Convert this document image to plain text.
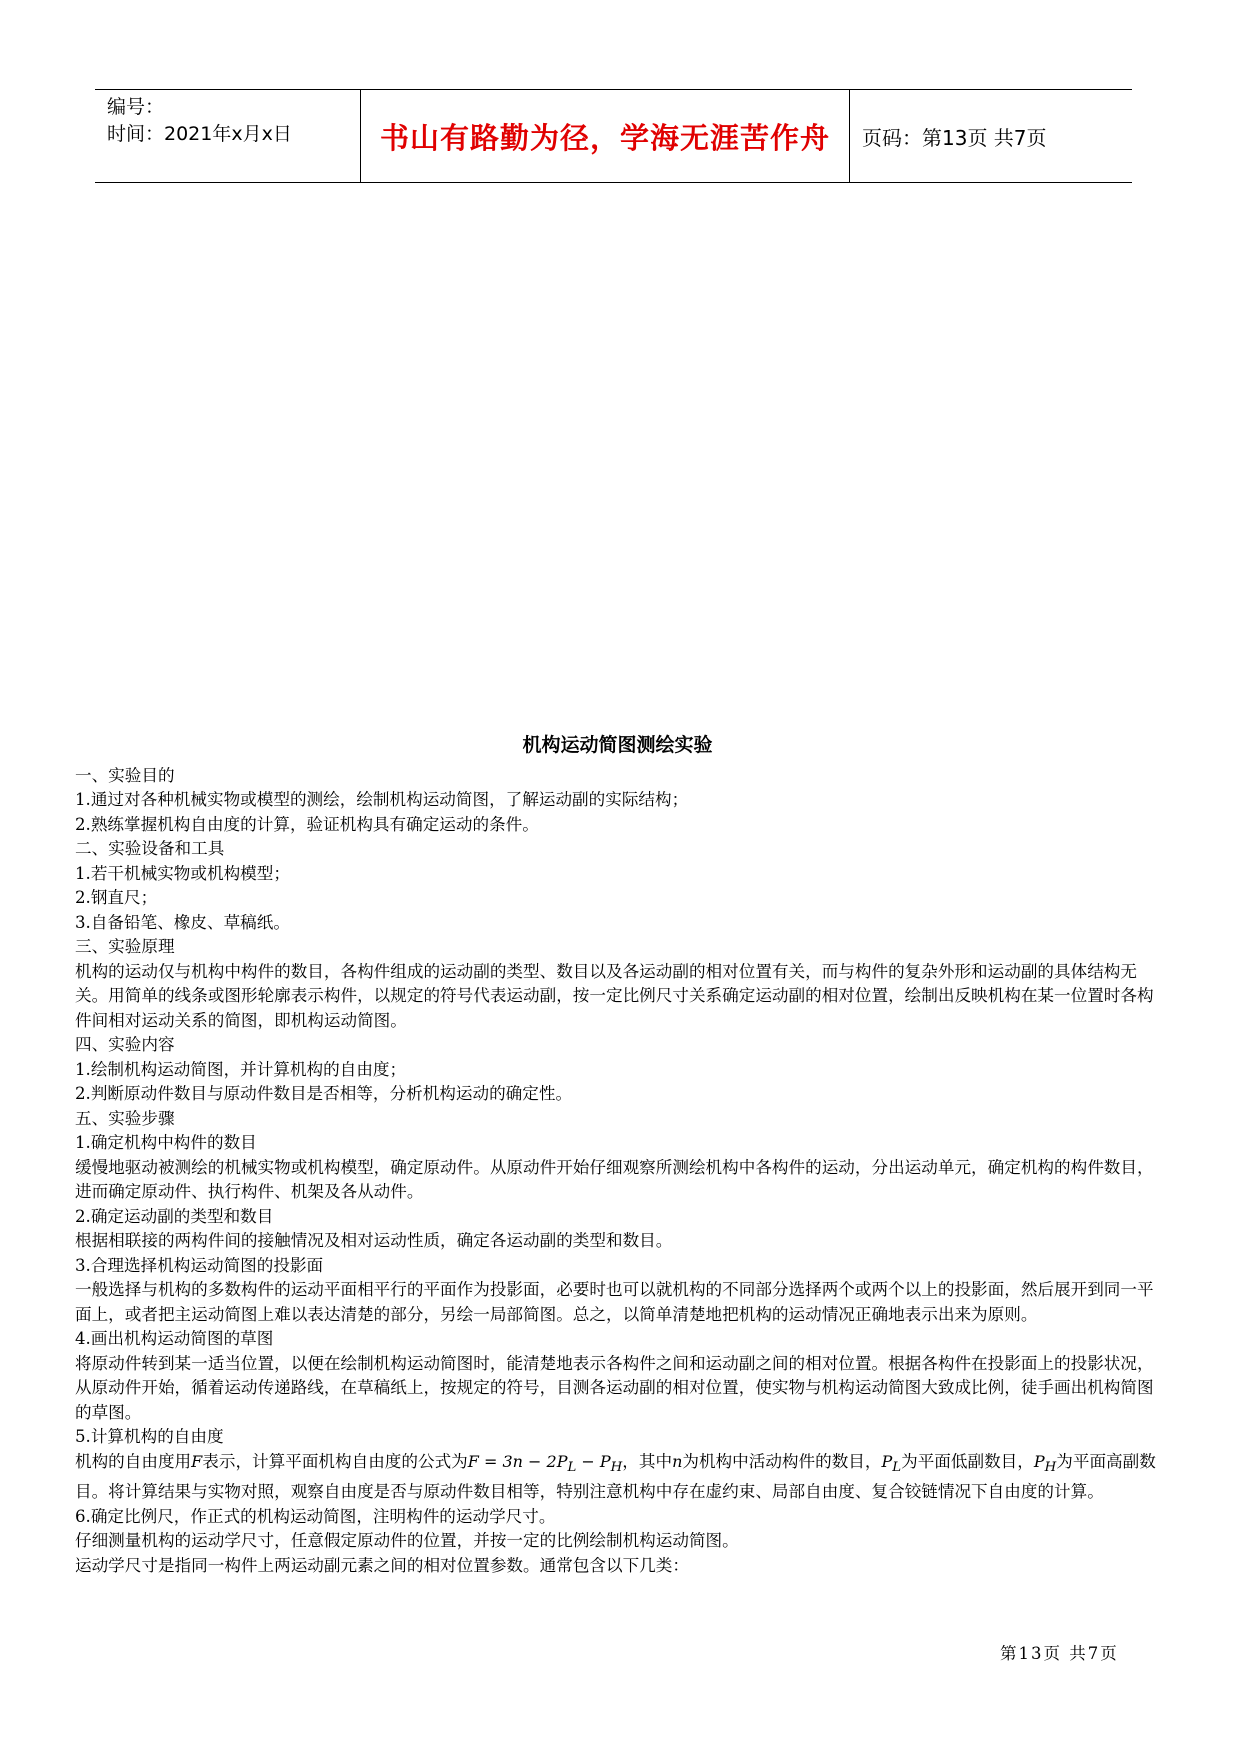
编号：
时间：2021年x月x日	书山有路勤为径，学海无涯苦作舟 页码：第13页 共7页
机构运动简图测绘实验
一、实验目的
1.通过对各种机械实物或模型的测绘，绘制机构运动简图，了解运动副的实际结构；
2.熟练掌握机构自由度的计算，验证机构具有确定运动的条件。
二、实验设备和工具
1.若干机械实物或机构模型；
2.钢直尺；
3.自备铅笔、橡皮、草稿纸。
三、实验原理
机构的运动仅与机构中构件的数目，各构件组成的运动副的类型、数目以及各运动副的相对位置有关，而与构件的复杂外形和运动副的具体结构无关。用简单的线条或图形轮廓表示构件，以规定的符号代表运动副，按一定比例尺寸关系确定运动副的相对位置，绘制出反映机构在某一位置时各构件间相对运动关系的简图，即机构运动简图。
四、实验内容
1.绘制机构运动简图，并计算机构的自由度；
2.判断原动件数目与原动件数目是否相等，分析机构运动的确定性。
五、实验步骤
1.确定机构中构件的数目
缓慢地驱动被测绘的机械实物或机构模型，确定原动件。从原动件开始仔细观察所测绘机构中各构件的运动，分出运动单元，确定机构的构件数目，进而确定原动件、执行构件、机架及各从动件。
2.确定运动副的类型和数目
根据相联接的两构件间的接触情况及相对运动性质，确定各运动副的类型和数目。
3.合理选择机构运动简图的投影面
一般选择与机构的多数构件的运动平面相平行的平面作为投影面，必要时也可以就机构的不同部分选择两个或两个以上的投影面，然后展开到同一平面上，或者把主运动简图上难以表达清楚的部分，另绘一局部简图。总之，以简单清楚地把机构的运动情况正确地表示出来为原则。
4.画出机构运动简图的草图
将原动件转到某一适当位置，以便在绘制机构运动简图时，能清楚地表示各构件之间和运动副之间的相对位置。根据各构件在投影面上的投影状况，从原动件开始，循着运动传递路线，在草稿纸上，按规定的符号，目测各运动副的相对位置，使实物与机构运动简图大致成比例，徒手画出机构简图的草图。
5.计算机构的自由度
机构的自由度用F表示，计算平面机构自由度的公式为$F = 3n - 2P_L - P_H$，其中n为机构中活动构件的数目，$P_L$为平面低副数目，$P_H$为平面高副数目。将计算结果与实物对照，观察自由度是否与原动件数目相等，特别注意机构中存在虚约束、局部自由度、复合铰链情况下自由度的计算。
6.确定比例尺，作正式的机构运动简图，注明构件的运动学尺寸。
仔细测量机构的运动学尺寸，任意假定原动件的位置，并按一定的比例绘制机构运动简图。
运动学尺寸是指同一构件上两运动副元素之间的相对位置参数。通常包含以下几类：
第13页 共7页
